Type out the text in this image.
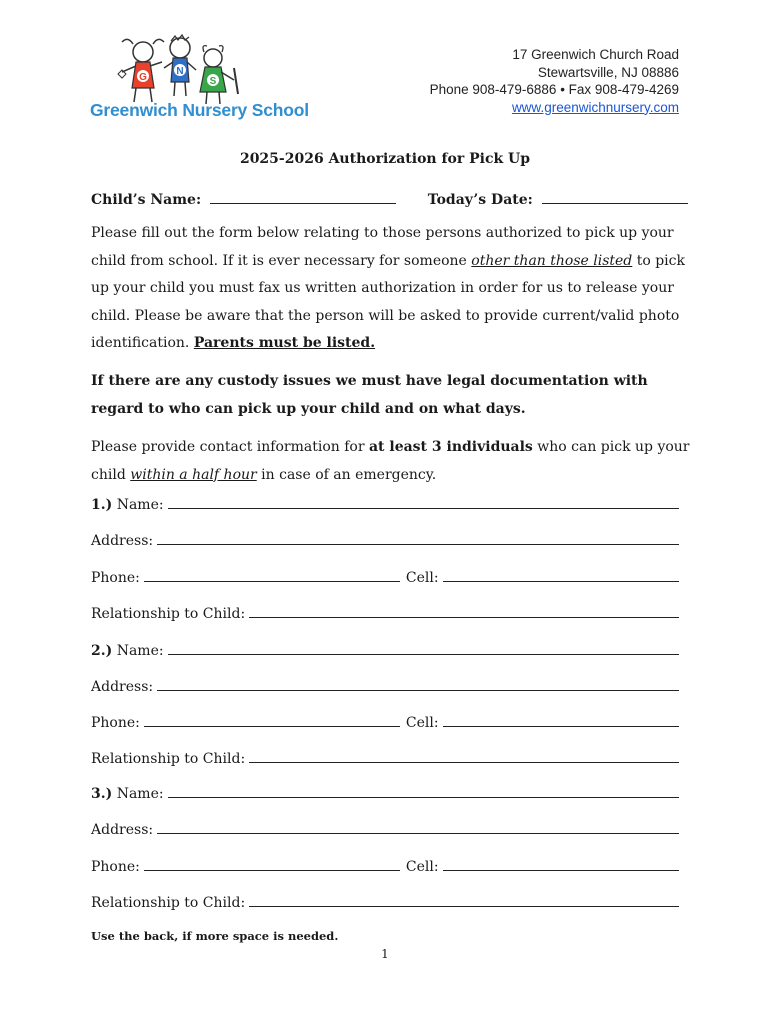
G
N
S
Greenwich Nursery School
17 Greenwich Church Road
Stewartsville, NJ 08886
Phone 908-479-6886 • Fax 908-479-4269
www.greenwichnursery.com
2025-2026 Authorization for Pick Up
Child’s Name:	Today’s Date:
Please fill out the form below relating to those persons authorized to pick up your child from school. If it is ever necessary for someone other than those listed to pick up your child you must fax us written authorization in order for us to release your child. Please be aware that the person will be asked to provide current/valid photo identification. Parents must be listed.
If there are any custody issues we must have legal documentation with regard to who can pick up your child and on what days.
Please provide contact information for at least 3 individuals who can pick up your child within a half hour in case of an emergency.
1.) Name:
Address:
Phone:	Cell:
Relationship to Child:
2.) Name:
Address:
Phone:	Cell:
Relationship to Child:
3.) Name:
Address:
Phone:	Cell:
Relationship to Child:
Use the back, if more space is needed.
1
